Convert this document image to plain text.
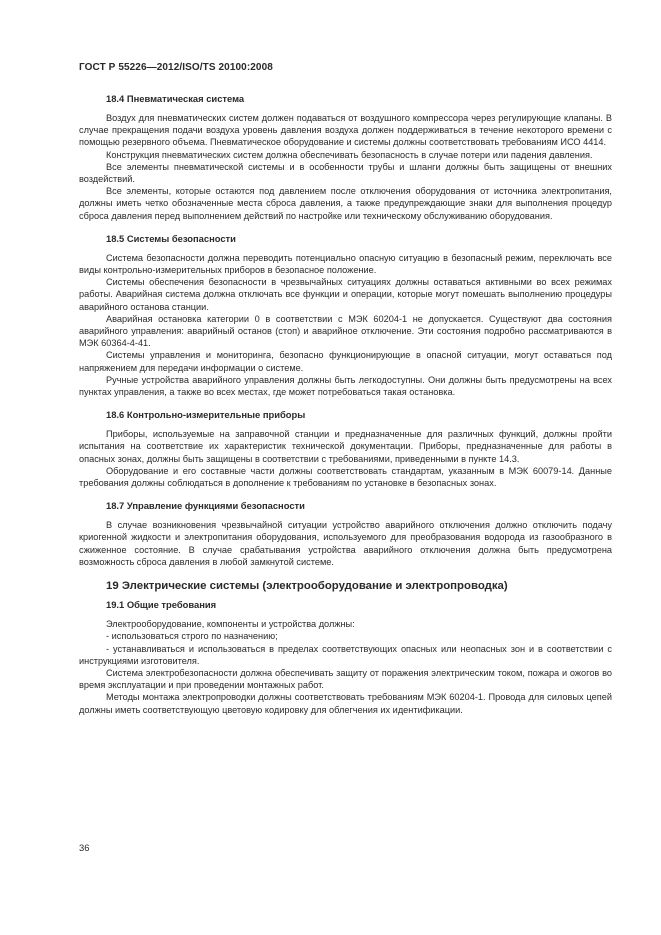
ГОСТ Р 55226—2012/ISO/TS 20100:2008
18.4 Пневматическая система

Воздух для пневматических систем должен подаваться от воздушного компрессора через регулирующие клапаны. В случае прекращения подачи воздуха уровень давления воздуха должен поддерживаться в течение некоторого времени с помощью резервного объема. Пневматическое оборудование и системы должны соответствовать требованиям ИСО 4414.

Конструкция пневматических систем должна обеспечивать безопасность в случае потери или падения давления.

Все элементы пневматической системы и в особенности трубы и шланги должны быть защищены от внешних воздействий.

Все элементы, которые остаются под давлением после отключения оборудования от источника электропитания, должны иметь четко обозначенные места сброса давления, а также предупреждающие знаки для выполнения процедур сброса давления перед выполнением действий по настройке или техническому обслуживанию оборудования.

18.5 Системы безопасности

Система безопасности должна переводить потенциально опасную ситуацию в безопасный режим, переключать все виды контрольно-измерительных приборов в безопасное положение.

Системы обеспечения безопасности в чрезвычайных ситуациях должны оставаться активными во всех режимах работы. Аварийная система должна отключать все функции и операции, которые могут помешать выполнению процедуры аварийного останова станции.

Аварийная остановка категории 0 в соответствии с МЭК 60204-1 не допускается. Существуют два состояния аварийного управления: аварийный останов (стоп) и аварийное отключение. Эти состояния подробно рассматриваются в МЭК 60364-4-41.

Системы управления и мониторинга, безопасно функционирующие в опасной ситуации, могут оставаться под напряжением для передачи информации о системе.

Ручные устройства аварийного управления должны быть легкодоступны. Они должны быть предусмотрены на всех пунктах управления, а также во всех местах, где может потребоваться такая остановка.

18.6 Контрольно-измерительные приборы

Приборы, используемые на заправочной станции и предназначенные для различных функций, должны пройти испытания на соответствие их характеристик технической документации. Приборы, предназначенные для работы в опасных зонах, должны быть защищены в соответствии с требованиями, приведенными в пункте 14.3.

Оборудование и его составные части должны соответствовать стандартам, указанным в МЭК 60079-14. Данные требования должны соблюдаться в дополнение к требованиям по установке в безопасных зонах.

18.7 Управление функциями безопасности

В случае возникновения чрезвычайной ситуации устройство аварийного отключения должно отключить подачу криогенной жидкости и электропитания оборудования, используемого для преобразования водорода из газообразного в сжиженное состояние. В случае срабатывания устройства аварийного отключения должна быть предусмотрена возможность сброса давления в любой замкнутой системе.

19 Электрические системы (электрооборудование и электропроводка)
19.1 Общие требования

Электрооборудование, компоненты и устройства должны:

- использоваться строго по назначению;

- устанавливаться и использоваться в пределах соответствующих опасных или неопасных зон и в соответствии с инструкциями изготовителя.

Система электробезопасности должна обеспечивать защиту от поражения электрическим током, пожара и ожогов во время эксплуатации и при проведении монтажных работ.

Методы монтажа электропроводки должны соответствовать требованиям МЭК 60204-1. Провода для силовых цепей должны иметь соответствующую цветовую кодировку для облегчения их идентификации.

36
